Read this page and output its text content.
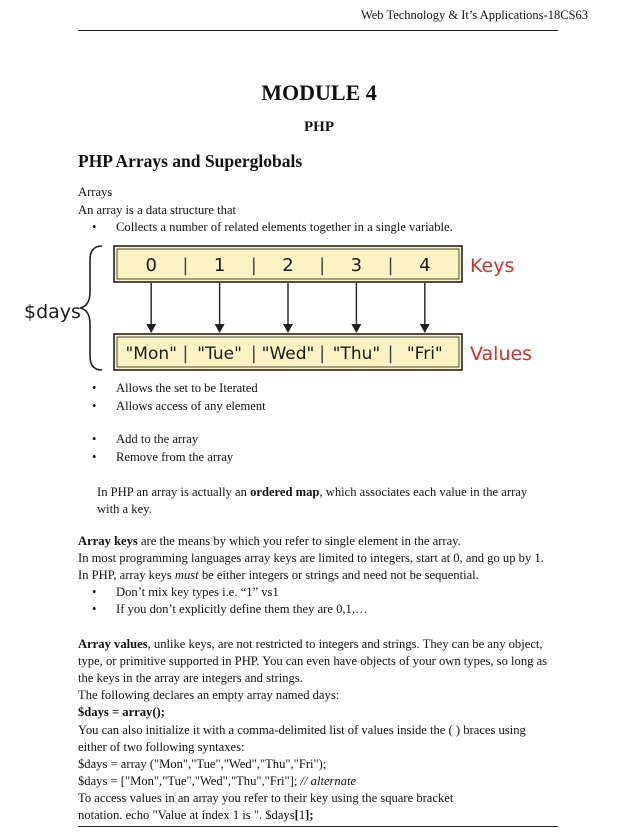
Web Technology & It’s Applications-18CS63
MODULE 4
PHP
PHP Arrays and Superglobals
Arrays
An array is a data structure that
• Collects a number of related elements together in a single variable.
$days
Keys
Values
0
"Mon"
|
|
1
"Tue"
|
|
2
"Wed"
|
|
3
"Thu"
|
|
4
"Fri"
• Allows the set to be Iterated
• Allows access of any element
• Add to the array
• Remove from the array
In PHP an array is actually an ordered map, which associates each value in the array
with a key.
Array keys are the means by which you refer to single element in the array.
In most programming languages array keys are limited to integers, start at 0, and go up by 1.
In PHP, array keys must be either integers or strings and need not be sequential.
• Don’t mix key types i.e. “1” vs1
• If you don’t explicitly define them they are 0,1,…
Array values, unlike keys, are not restricted to integers and strings. They can be any object,
type, or primitive supported in PHP. You can even have objects of your own types, so long as
the keys in the array are integers and strings.
The following declares an empty array named days:
$days = array();
You can also initialize it with a comma-delimited list of values inside the ( ) braces using
either of two following syntaxes:
$days = array ("Mon","Tue","Wed","Thu","Fri");
$days = ["Mon","Tue","Wed","Thu","Fri"]; // alternate
To access values in an array you refer to their key using the square bracket
notation. echo "Value at index 1 is ". $days[1];
